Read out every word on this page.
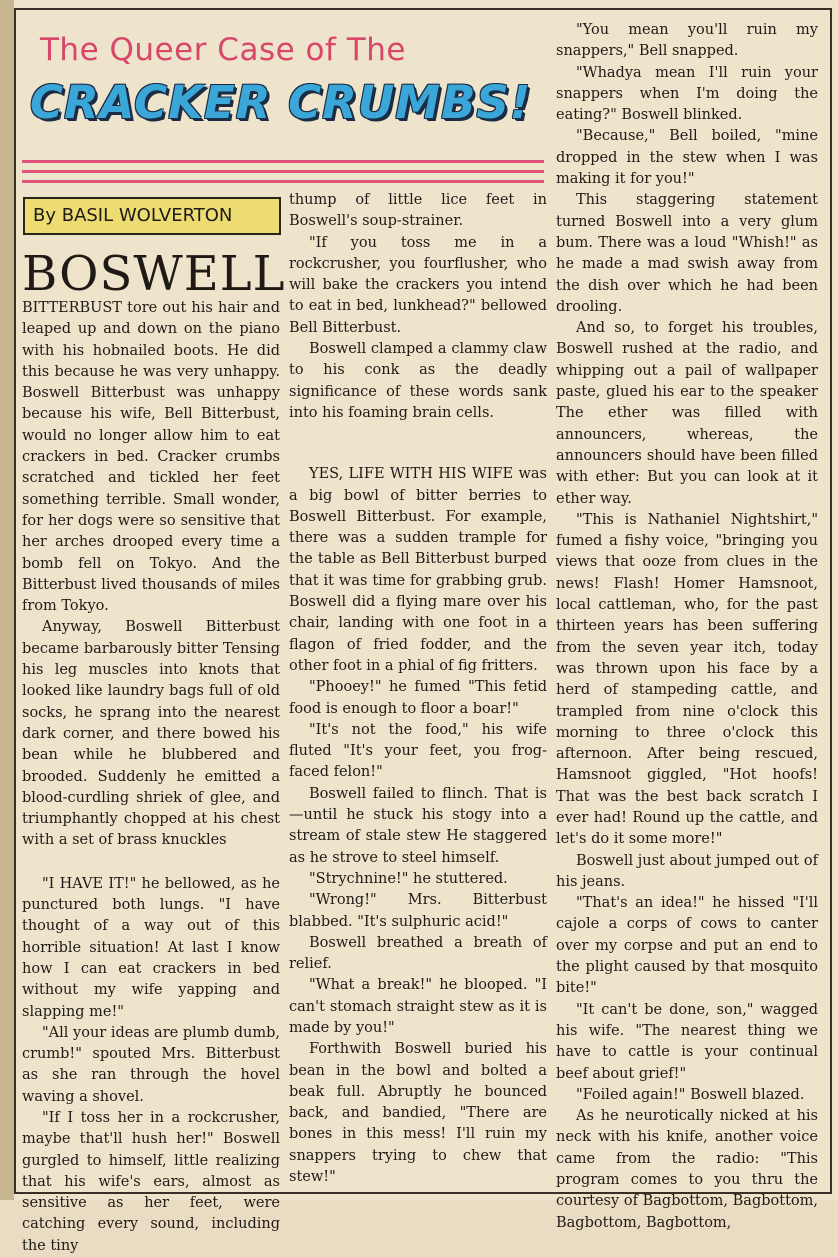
The Queer Case of The
CRACKER CRUMBS!
By BASIL WOLVERTON
BOSWELL

BITTERBUST tore out his hair and leaped up and down on the piano with his hobnailed boots. He did this because he was very unhappy. Boswell Bitterbust was unhappy because his wife, Bell Bitterbust, would no longer allow him to eat crackers in bed. Cracker crumbs scratched and tickled her feet something terrible. Small wonder, for her dogs were so sensitive that her arches drooped every time a bomb fell on Tokyo. And the Bitterbust lived thousands of miles from Tokyo.

Anyway, Boswell Bitterbust became barbarously bitter Tensing his leg muscles into knots that looked like laundry bags full of old socks, he sprang into the nearest dark corner, and there bowed his bean while he blubbered and brooded. Suddenly he emitted a blood-curdling shriek of glee, and triumphantly chopped at his chest with a set of brass knuckles

"I HAVE IT!" he bellowed, as he punctured both lungs. "I have thought of a way out of this horrible situation! At last I know how I can eat crackers in bed without my wife yapping and slapping me!"

"All your ideas are plumb dumb, crumb!" spouted Mrs. Bitterbust as she ran through the hovel waving a shovel.

"If I toss her in a rockcrusher, maybe that'll hush her!" Boswell gurgled to himself, little realizing that his wife's ears, almost as sensitive as her feet, were catching every sound, including the tiny

thump of little lice feet in Boswell's soup-strainer.

"If you toss me in a rockcrusher, you fourflusher, who will bake the crackers you intend to eat in bed, lunkhead?" bellowed Bell Bitterbust.

Boswell clamped a clammy claw to his conk as the deadly significance of these words sank into his foaming brain cells.

YES, LIFE WITH HIS WIFE was a big bowl of bitter berries to Boswell Bitterbust. For example, there was a sudden trample for the table as Bell Bitterbust burped that it was time for grabbing grub. Boswell did a flying mare over his chair, landing with one foot in a flagon of fried fodder, and the other foot in a phial of fig fritters.

"Phooey!" he fumed "This fetid food is enough to floor a boar!"

"It's not the food," his wife fluted "It's your feet, you frog-faced felon!"

Boswell failed to flinch. That is—until he stuck his stogy into a stream of stale stew He staggered as he strove to steel himself.

"Strychnine!" he stuttered.

"Wrong!" Mrs. Bitterbust blabbed. "It's sulphuric acid!"

Boswell breathed a breath of relief.

"What a break!" he blooped. "I can't stomach straight stew as it is made by you!"

Forthwith Boswell buried his bean in the bowl and bolted a beak full. Abruptly he bounced back, and bandied, "There are bones in this mess! I'll ruin my snappers trying to chew that stew!"

"You mean you'll ruin my snappers," Bell snapped.

"Whadya mean I'll ruin your snappers when I'm doing the eating?" Boswell blinked.

"Because," Bell boiled, "mine dropped in the stew when I was making it for you!"

This staggering statement turned Boswell into a very glum bum. There was a loud "Whish!" as he made a mad swish away from the dish over which he had been drooling.

And so, to forget his troubles, Boswell rushed at the radio, and whipping out a pail of wallpaper paste, glued his ear to the speaker The ether was filled with announcers, whereas, the announcers should have been filled with ether: But you can look at it ether way.

"This is Nathaniel Nightshirt," fumed a fishy voice, "bringing you views that ooze from clues in the news! Flash! Homer Hamsnoot, local cattleman, who, for the past thirteen years has been suffering from the seven year itch, today was thrown upon his face by a herd of stampeding cattle, and trampled from nine o'clock this morning to three o'clock this afternoon. After being rescued, Hamsnoot giggled, "Hot hoofs! That was the best back scratch I ever had! Round up the cattle, and let's do it some more!"

Boswell just about jumped out of his jeans.

"That's an idea!" he hissed "I'll cajole a corps of cows to canter over my corpse and put an end to the plight caused by that mosquito bite!"

"It can't be done, son," wagged his wife. "The nearest thing we have to cattle is your continual beef about grief!"

"Foiled again!" Boswell blazed.

As he neurotically nicked at his neck with his knife, another voice came from the radio: "This program comes to you thru the courtesy of Bagbottom, Bagbottom, Bagbottom, Bagbottom,
